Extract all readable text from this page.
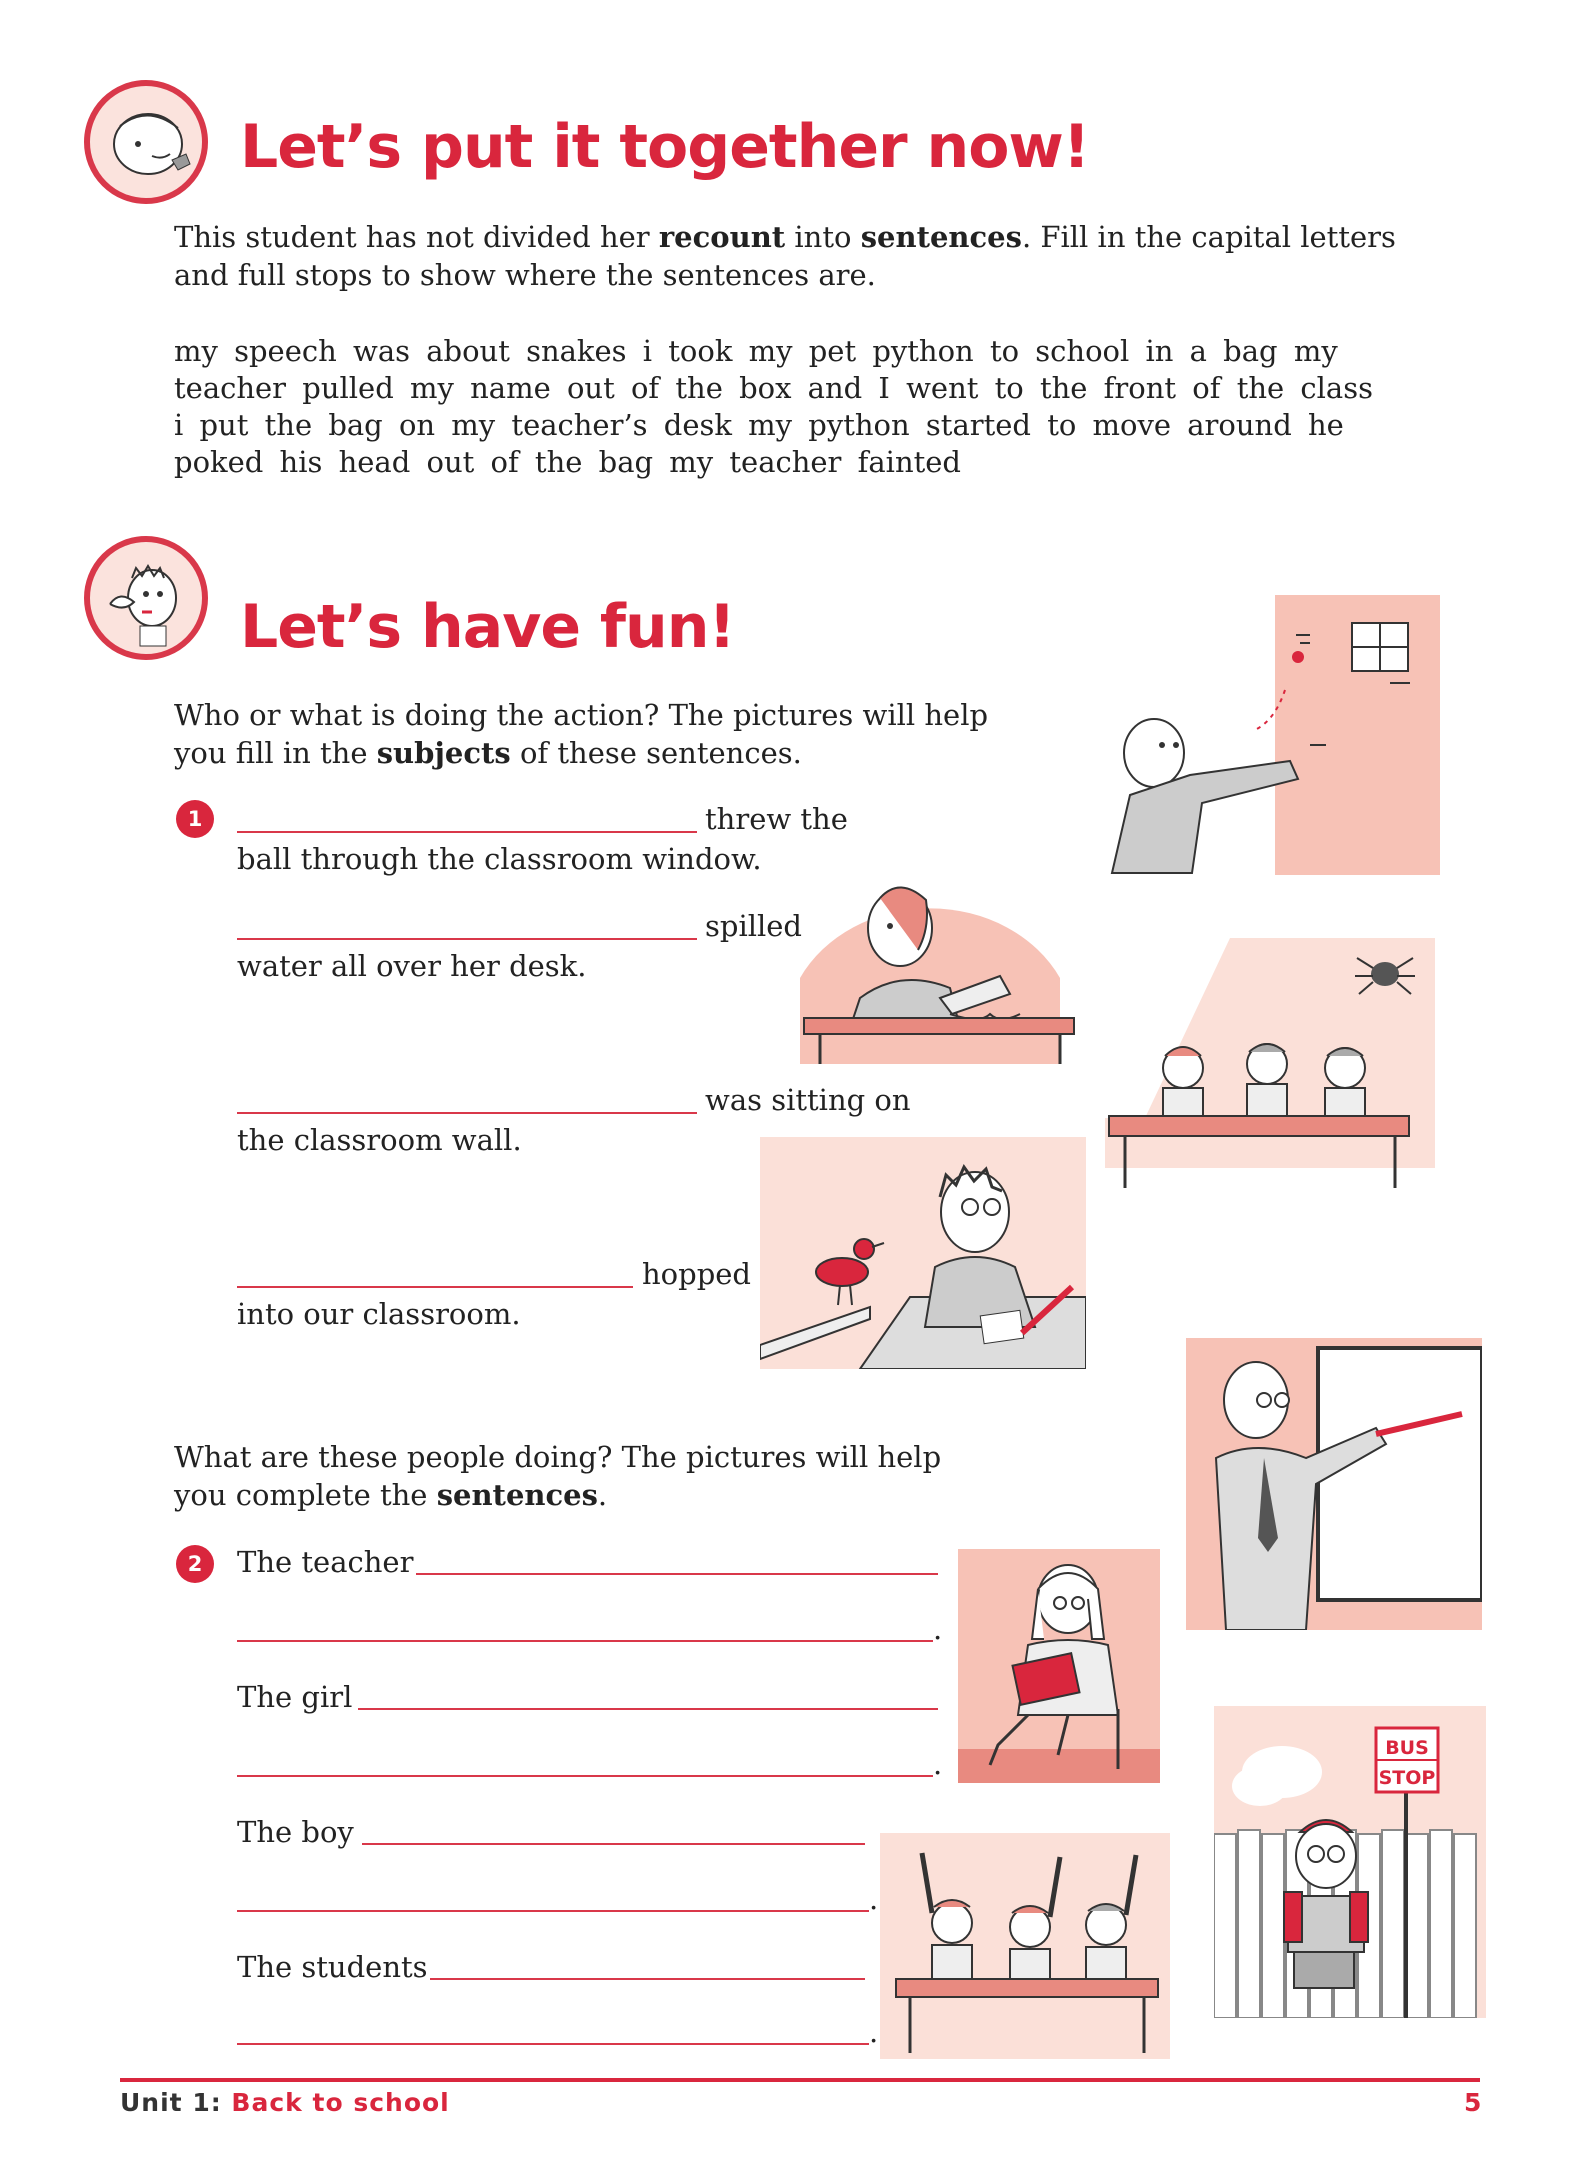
Let’s put it together now!
This student has not divided her recount into sentences. Fill in the capital letters
and full stops to show where the sentences are.
my speech was about snakes i took my pet python to school in a bag my
teacher pulled my name out of the box and I went to the front of the class
i put the bag on my teacher’s desk my python started to move around he
poked his head out of the bag my teacher fainted
Let’s have fun!
Who or what is doing the action? The pictures will help
you fill in the subjects of these sentences.
1	threw the
ball through the classroom window.
spilled
water all over her desk.
was sitting on
the classroom wall.
hopped
into our classroom.
What are these people doing? The pictures will help
you complete the sentences.
2	The teacher
.
The girl
.
The boy
.
The students
.
BUS
STOP
Unit 1: Back to school	5
